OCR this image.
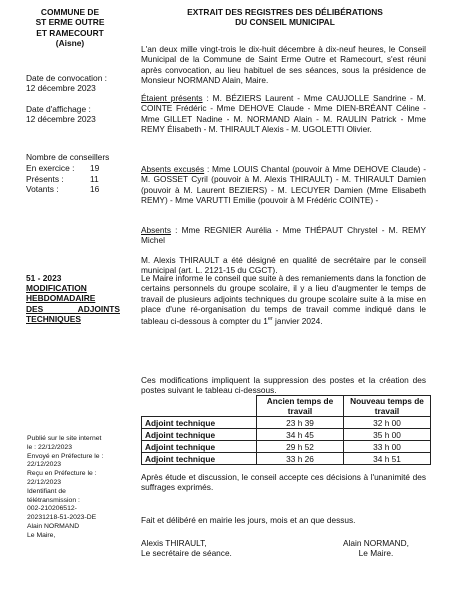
COMMUNE DE
ST ERME OUTRE
ET RAMECOURT
(Aisne)
Date de convocation :
12 décembre 2023
Date d'affichage :
12 décembre 2023
Nombre de conseillers
En exercice :	19
Présents :	11
Votants :	16
51 - 2023
MODIFICATION
HEBDOMADAIRE
DES ADJOINTS
TECHNIQUES
Publié sur le site internet
le : 22/12/2023
Envoyé en Préfecture le :
22/12/2023
Reçu en Préfecture le :
22/12/2023
Identifiant de
télétransmission :
002-210206512-
20231218-51-2023-DE
Alain NORMAND
Le Maire,
EXTRAIT DES REGISTRES DES DÉLIBÉRATIONS
DU CONSEIL MUNICIPAL
L'an deux mille vingt-trois le dix-huit décembre à dix-neuf heures, le Conseil Municipal de la Commune de Saint Erme Outre et Ramecourt, s'est réuni après convocation, au lieu habituel de ses séances, sous la présidence de Monsieur NORMAND Alain, Maire.
Étaient présents : M. BÉZIERS Laurent - Mme CAUJOLLE Sandrine - M. COINTE Frédéric - Mme DEHOVE Claude - Mme DIEN-BRÉANT Céline - Mme GILLET Nadine - M. NORMAND Alain - M. RAULIN Patrick - Mme REMY Élisabeth - M. THIRAULT Alexis - M. UGOLETTI Olivier.
Absents excusés : Mme LOUIS Chantal (pouvoir à Mme DEHOVE Claude) - M. GOSSET Cyril (pouvoir à M. Alexis THIRAULT) - M. THIRAULT Damien (pouvoir à M. Laurent BEZIERS) - M. LECUYER Damien (Mme Elisabeth REMY) - Mme VARUTTI Emilie (pouvoir à M Frédéric COINTE) -
Absents : Mme REGNIER Aurélia - Mme THÉPAUT Chrystel - M. REMY Michel
M. Alexis THIRAULT a été désigné en qualité de secrétaire par le conseil municipal (art. L. 2121-15 du CGCT).
Le Maire informe le conseil que suite à des remaniements dans la fonction de certains personnels du groupe scolaire, il y a lieu d'augmenter le temps de travail de plusieurs adjoints techniques du groupe scolaire suite à la mise en place d'une ré-organisation du temps de travail comme indiqué dans le tableau ci-dessous à compter du 1er janvier 2024.
Ces modifications impliquent la suppression des postes et la création des postes suivant le tableau ci-dessous.
	Ancien temps de travail	Nouveau temps de travail
Adjoint technique	23 h 39	32 h 00
Adjoint technique	34 h 45	35 h 00
Adjoint technique	29 h 52	33 h 00
Adjoint technique	33 h 26	34 h 51
Après étude et discussion, le conseil accepte ces décisions à l'unanimité des suffrages exprimés.
Fait et délibéré en mairie les jours, mois et an que dessus.
Alexis THIRAULT,
Le secrétaire de séance.
Alain NORMAND,
Le Maire.
